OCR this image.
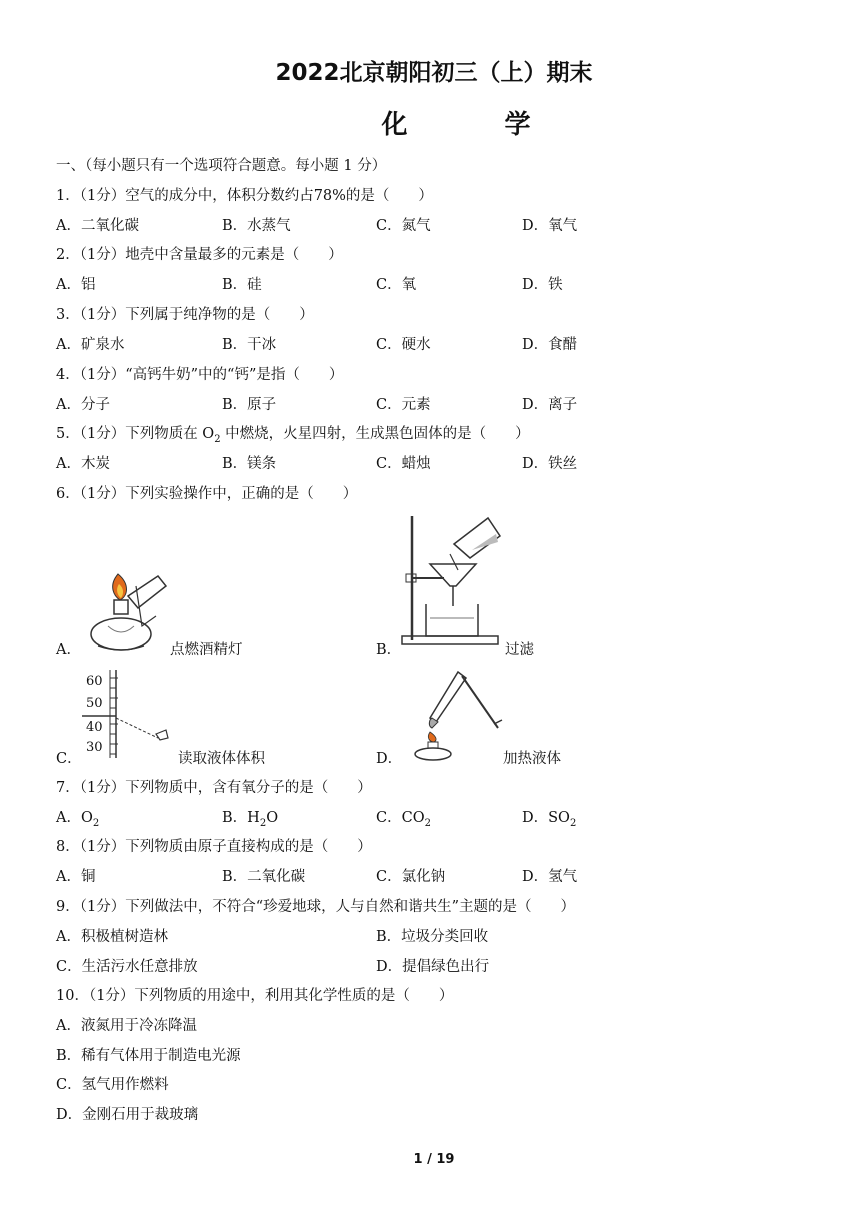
2022北京朝阳初三（上）期末
化 学
一、（每小题只有一个选项符合题意。每小题 1 分）
1．（1分）空气的成分中，体积分数约占78%的是（　　）
A．二氧化碳	B．水蒸气	C．氮气	D．氧气
2．（1分）地壳中含量最多的元素是（　　）
A．铝	B．硅	C．氧	D．铁
3．（1分）下列属于纯净物的是（　　）
A．矿泉水	B．干冰	C．硬水	D．食醋
4．（1分）“高钙牛奶”中的“钙”是指（　　）
A．分子	B．原子	C．元素	D．离子
5．（1分）下列物质在 $O_2$ 中燃烧，火星四射，生成黑色固体的是（　　）
A．木炭	B．镁条	C．蜡烛	D．铁丝
6．（1分）下列实验操作中，正确的是（　　）
A．	点燃酒精灯	B．	过滤
60
50
40
30
C．	读取液体体积	D．	加热液体
7．（1分）下列物质中，含有氧分子的是（　　）
A．$O_2$	B．$H_2O$	C．$CO_2$	D．$SO_2$
8．（1分）下列物质由原子直接构成的是（　　）
A．铜	B．二氧化碳	C．氯化钠	D．氢气
9．（1分）下列做法中，不符合“珍爱地球，人与自然和谐共生”主题的是（　　）
A．积极植树造林	B．垃圾分类回收
C．生活污水任意排放	D．提倡绿色出行
10．（1分）下列物质的用途中，利用其化学性质的是（　　）
A．液氮用于冷冻降温
B．稀有气体用于制造电光源
C．氢气用作燃料
D．金刚石用于裁玻璃
1 / 19
